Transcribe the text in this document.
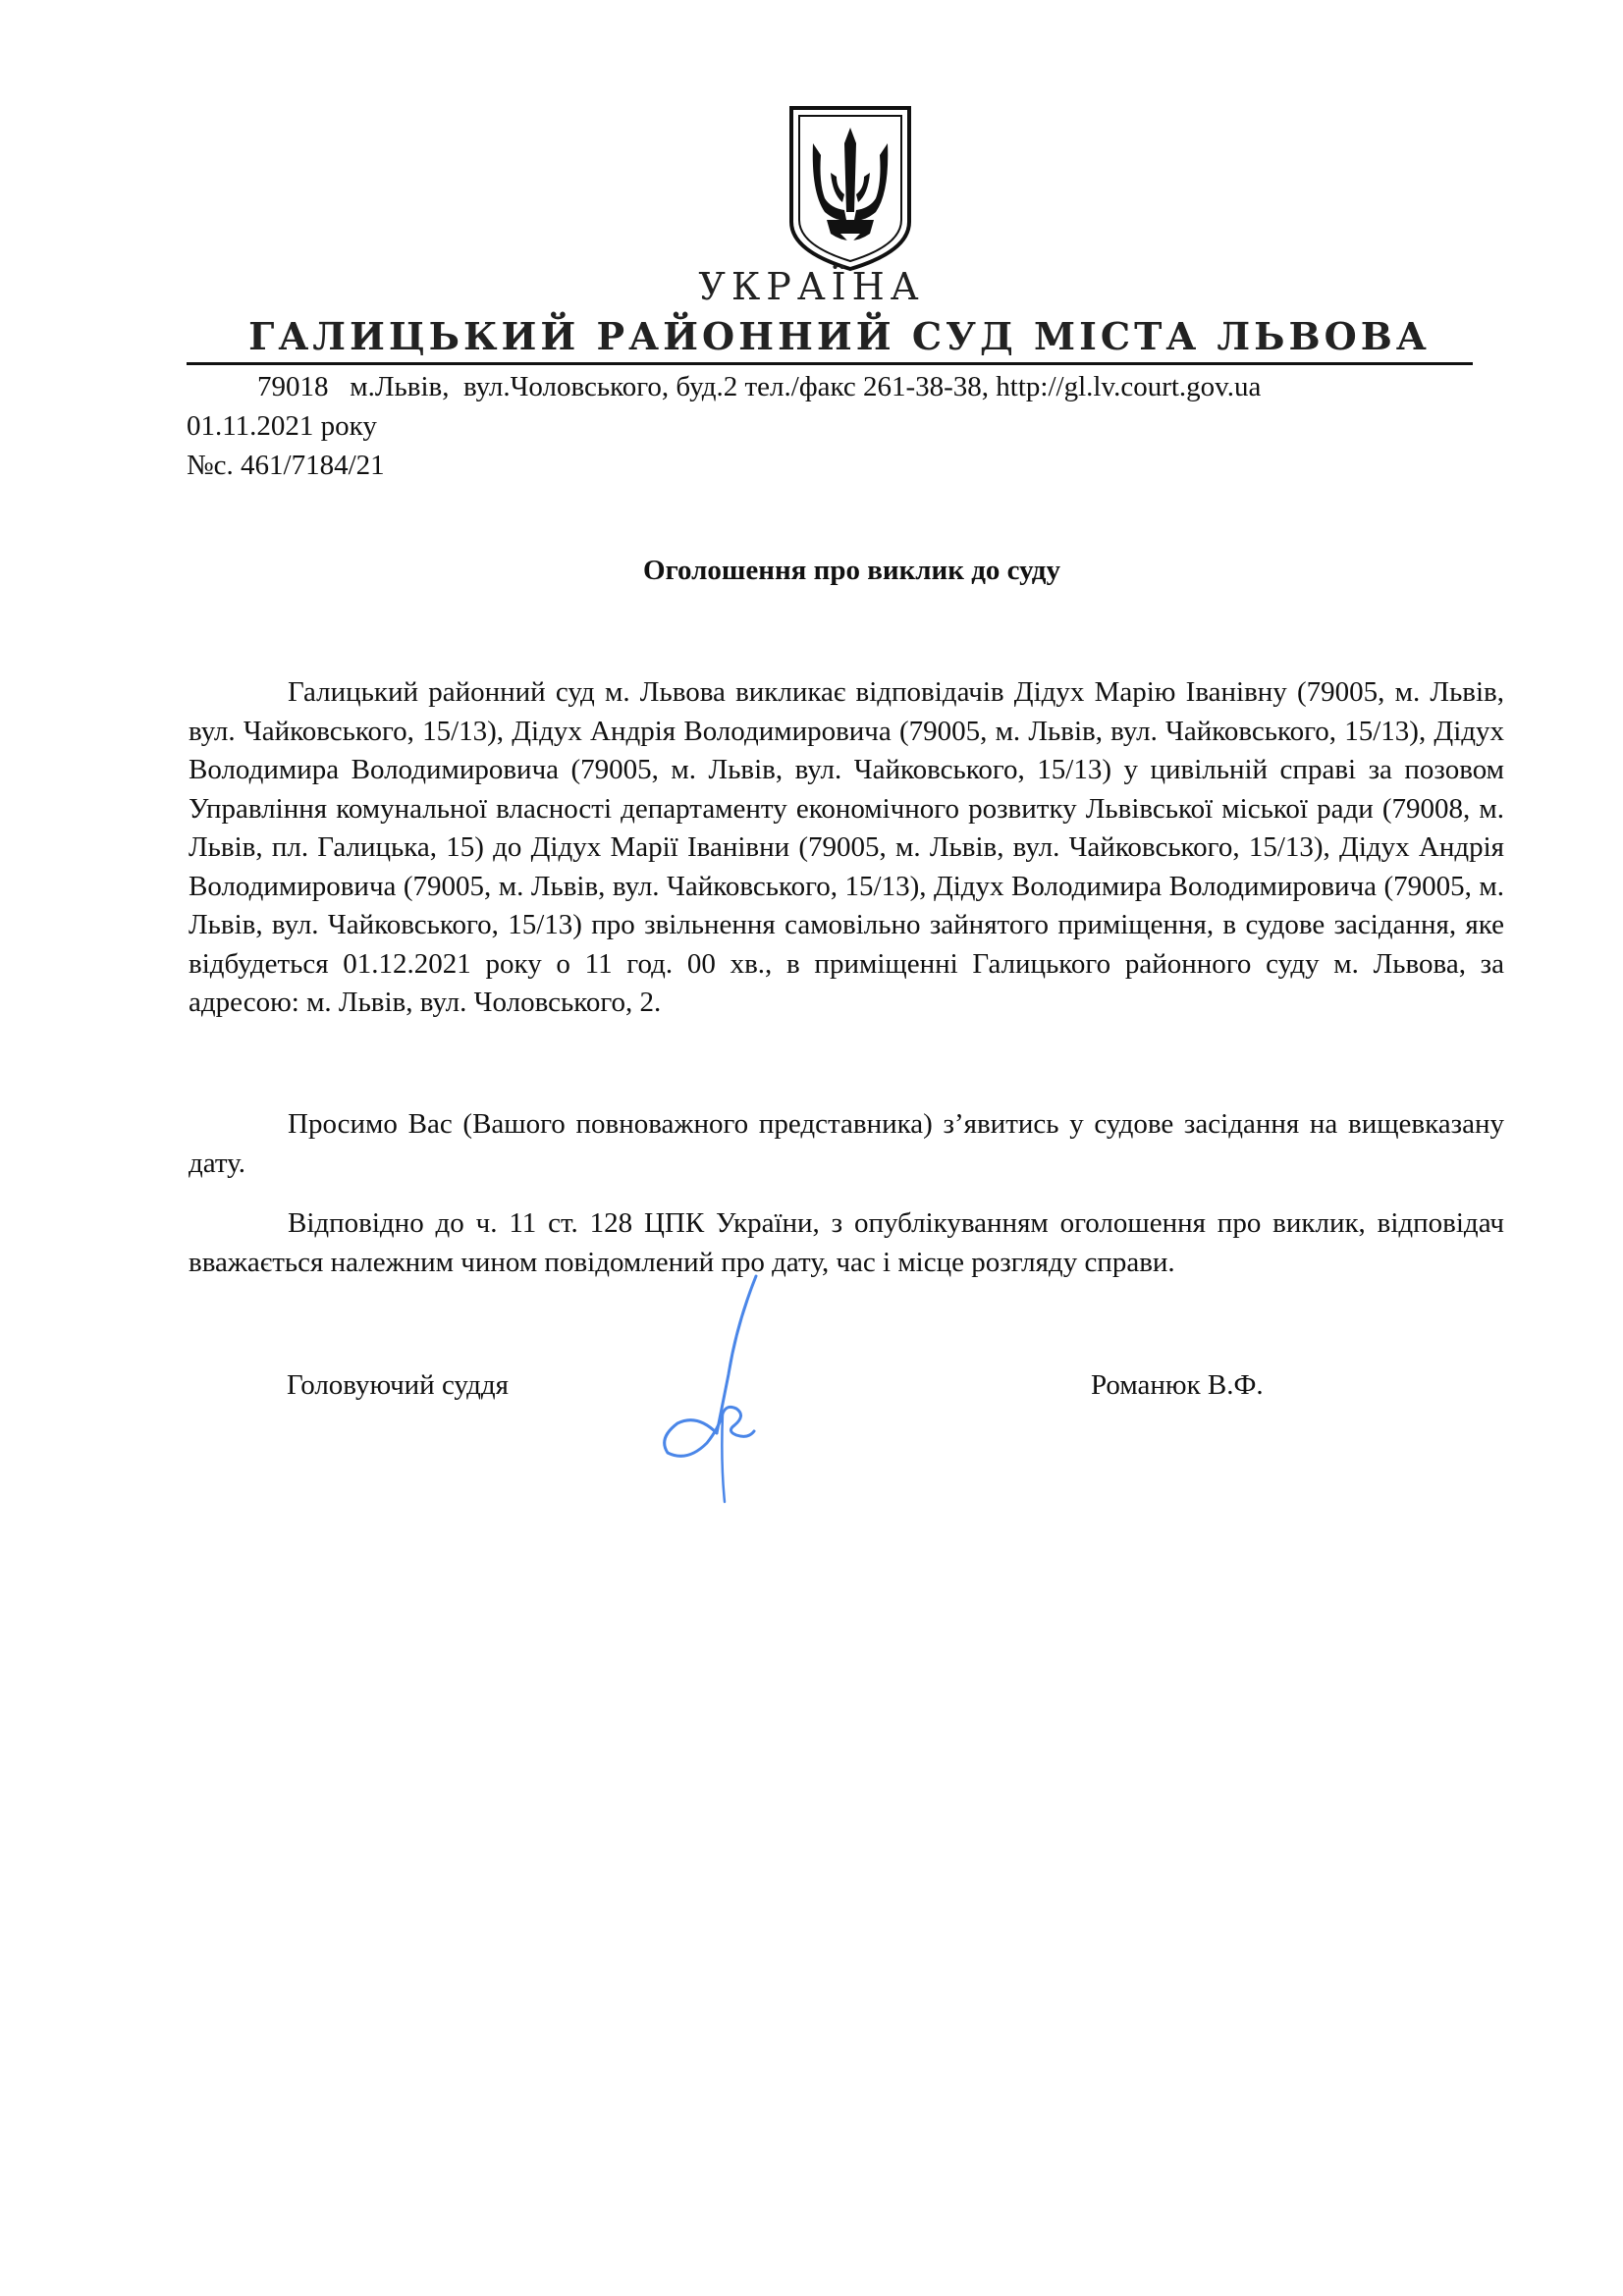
УКРАЇНА
ГАЛИЦЬКИЙ РАЙОННИЙ СУД МІСТА ЛЬВОВА
79018   м.Львів,  вул.Чоловського, буд.2 тел./факс 261-38-38, http://gl.lv.court.gov.ua
01.11.2021 року
№с. 461/7184/21
Оголошення про виклик до суду
Галицький районний суд м. Львова викликає відповідачів Дідух Марію Іванівну (79005, м. Львів, вул. Чайковського, 15/13), Дідух Андрія Володимировича (79005, м. Львів, вул. Чайковського, 15/13), Дідух Володимира Володимировича (79005, м. Львів, вул. Чайковського, 15/13) у цивільній справі за позовом Управління комунальної власності департаменту економічного розвитку Львівської міської ради (79008, м. Львів, пл. Галицька, 15) до Дідух Марії Іванівни (79005, м. Львів, вул. Чайковського, 15/13), Дідух Андрія Володимировича (79005, м. Львів, вул. Чайковського, 15/13), Дідух Володимира Володимировича (79005, м. Львів, вул. Чайковського, 15/13) про звільнення самовільно зайнятого приміщення, в судове засідання, яке відбудеться 01.12.2021 року о 11 год. 00 хв., в приміщенні Галицького районного суду м. Львова, за адресою: м. Львів, вул. Чоловського, 2.
Просимо Вас (Вашого повноважного представника) з’явитись у судове засідання на вищевказану дату.
Відповідно до ч. 11 ст. 128 ЦПК України, з опублікуванням оголошення про виклик, відповідач вважається належним чином повідомлений про дату, час і місце розгляду справи.
Головуючий суддя	Романюк В.Ф.
